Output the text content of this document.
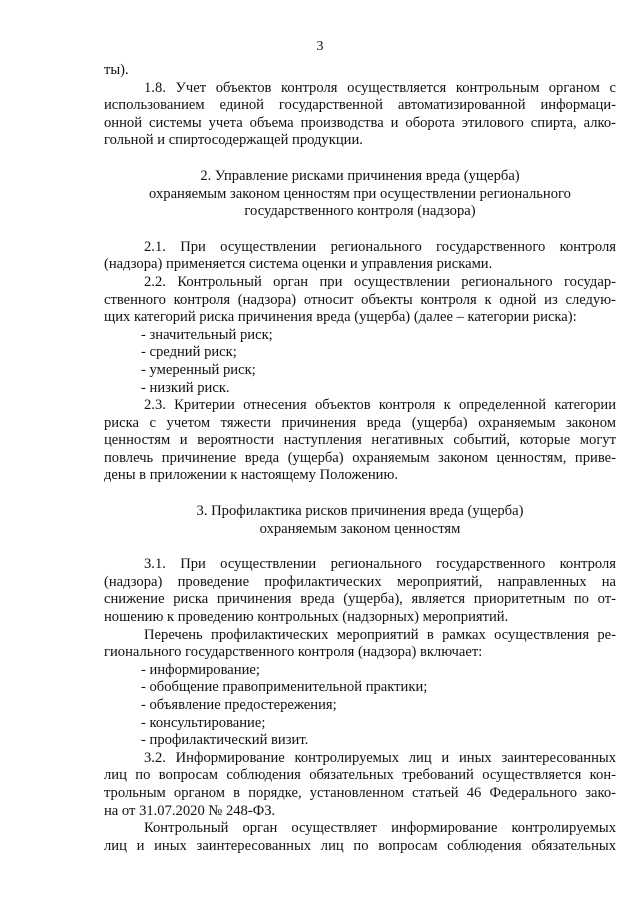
3
ты).
1.8. Учет объектов контроля осуществляется контрольным органом с
использованием единой государственной автоматизированной информаци-
онной системы учета объема производства и оборота этилового спирта, алко-
гольной и спиртосодержащей продукции.
2. Управление рисками причинения вреда (ущерба)
охраняемым законом ценностям при осуществлении регионального
государственного контроля (надзора)
2.1. При осуществлении регионального государственного контроля
(надзора) применяется система оценки и управления рисками.
2.2. Контрольный орган при осуществлении регионального государ-
ственного контроля (надзора) относит объекты контроля к одной из следую-
щих категорий риска причинения вреда (ущерба) (далее – категории риска):
- значительный риск;
- средний риск;
- умеренный риск;
- низкий риск.
2.3. Критерии отнесения объектов контроля к определенной категории
риска с учетом тяжести причинения вреда (ущерба) охраняемым законом
ценностям и вероятности наступления негативных событий, которые могут
повлечь причинение вреда (ущерба) охраняемым законом ценностям, приве-
дены в приложении к настоящему Положению.
3. Профилактика рисков причинения вреда (ущерба)
охраняемым законом ценностям
3.1. При осуществлении регионального государственного контроля
(надзора) проведение профилактических мероприятий, направленных на
снижение риска причинения вреда (ущерба), является приоритетным по от-
ношению к проведению контрольных (надзорных) мероприятий.
Перечень профилактических мероприятий в рамках осуществления ре-
гионального государственного контроля (надзора) включает:
- информирование;
- обобщение правоприменительной практики;
- объявление предостережения;
- консультирование;
- профилактический визит.
3.2. Информирование контролируемых лиц и иных заинтересованных
лиц по вопросам соблюдения обязательных требований осуществляется кон-
трольным органом в порядке, установленном статьей 46 Федерального зако-
на от 31.07.2020 № 248-ФЗ.
Контрольный орган осуществляет информирование контролируемых
лиц и иных заинтересованных лиц по вопросам соблюдения обязательных
